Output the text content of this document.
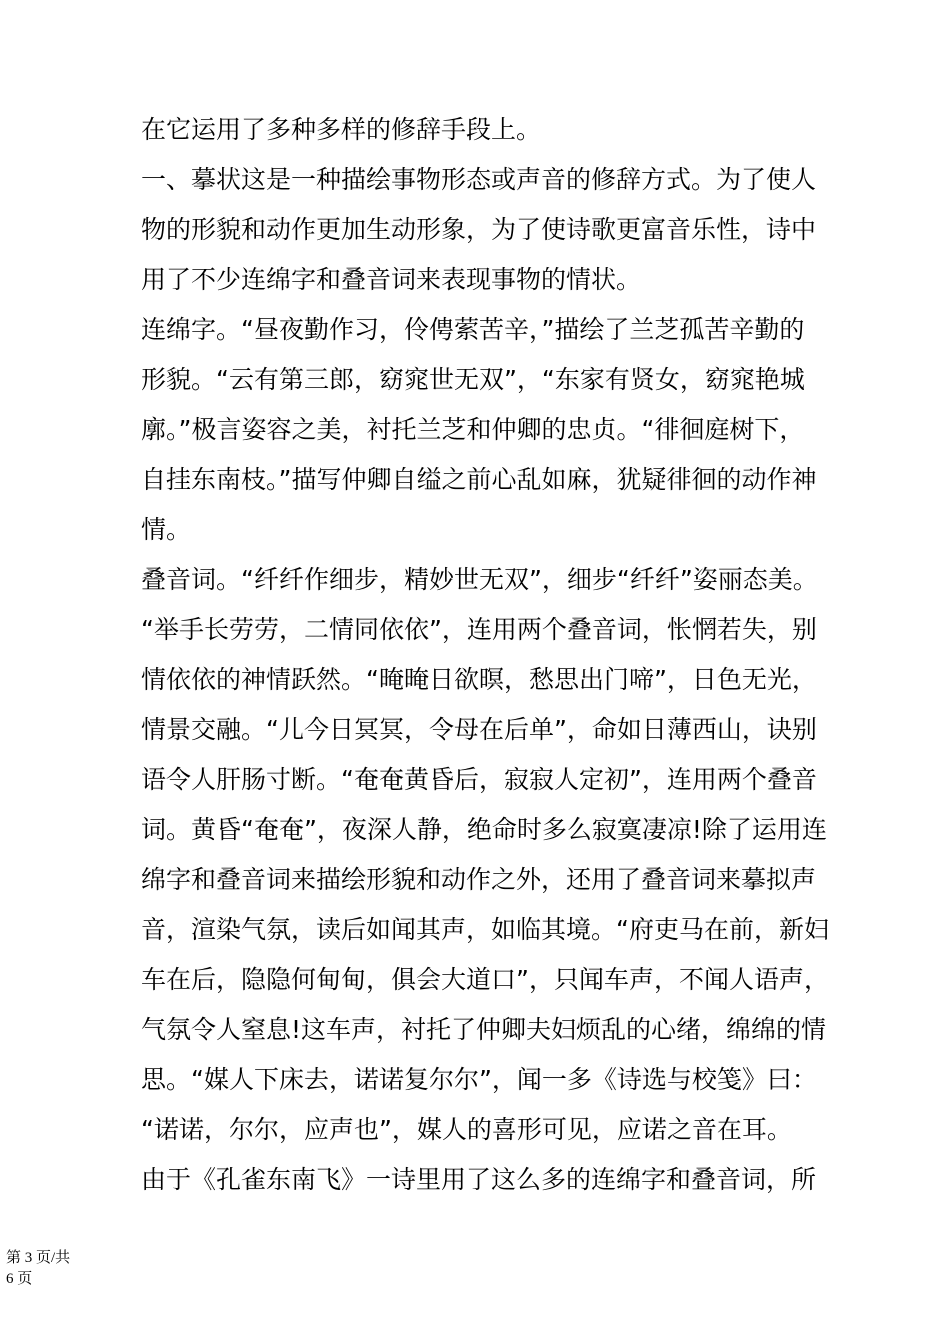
在它运用了多种多样的修辞手段上。
一、摹状这是一种描绘事物形态或声音的修辞方式。为了使人
物的形貌和动作更加生动形象，为了使诗歌更富音乐性，诗中
用了不少连绵字和叠音词来表现事物的情状。
连绵字。“昼夜勤作习，伶俜萦苦辛，”描绘了兰芝孤苦辛勤的
形貌。“云有第三郎，窈窕世无双”，“东家有贤女，窈窕艳城
廓。”极言姿容之美，衬托兰芝和仲卿的忠贞。“徘徊庭树下，
自挂东南枝。”描写仲卿自缢之前心乱如麻，犹疑徘徊的动作神
情。
叠音词。“纤纤作细步，精妙世无双”，细步“纤纤”姿丽态美。
“举手长劳劳，二情同依依”，连用两个叠音词，怅惘若失，别
情依依的神情跃然。“晻晻日欲暝，愁思出门啼”，日色无光，
情景交融。“儿今日冥冥，令母在后单”，命如日薄西山，诀别
语令人肝肠寸断。“奄奄黄昏后，寂寂人定初”，连用两个叠音
词。黄昏“奄奄”，夜深人静，绝命时多么寂寞凄凉!除了运用连
绵字和叠音词来描绘形貌和动作之外，还用了叠音词来摹拟声
音，渲染气氛，读后如闻其声，如临其境。“府吏马在前，新妇
车在后，隐隐何甸甸，俱会大道口”，只闻车声，不闻人语声，
气氛令人窒息!这车声，衬托了仲卿夫妇烦乱的心绪，绵绵的情
思。“媒人下床去，诺诺复尔尔”，闻一多《诗选与校笺》曰：
“诺诺，尔尔，应声也”，媒人的喜形可见，应诺之音在耳。
由于《孔雀东南飞》一诗里用了这么多的连绵字和叠音词，所
第 3 页/共
6 页
